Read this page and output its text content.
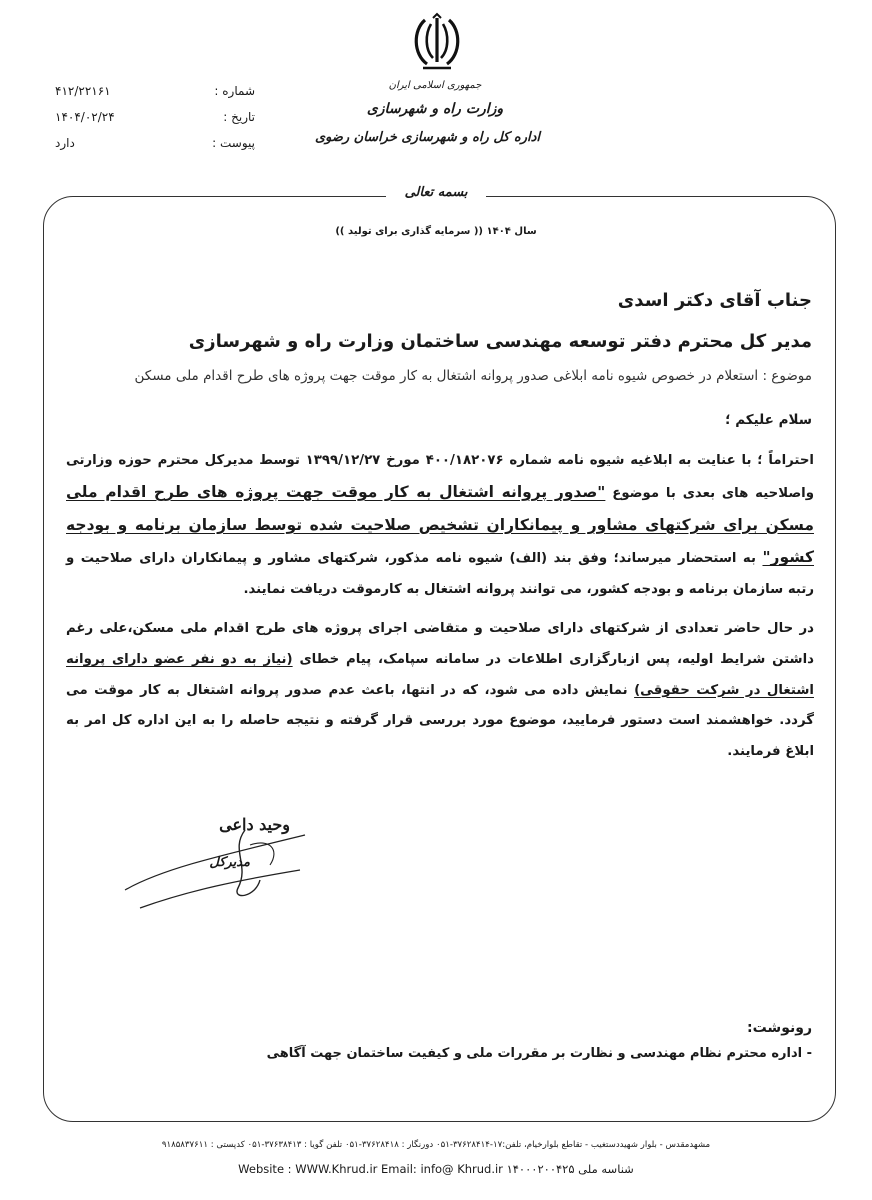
جمهوری اسلامی ایران
وزارت راه و شهرسازی
اداره کل راه و شهرسازی خراسان رضوی
شماره :
۴۱۲/۲۲۱۶۱
تاریخ :
۱۴۰۴/۰۲/۲۴
پیوست :
دارد
بسمه تعالی
سال ۱۴۰۴ (( سرمایه گذاری برای تولید ))
جناب آقای دکتر اسدی
مدیر کل محترم دفتر توسعه مهندسی ساختمان وزارت راه و شهرسازی
موضوع : استعلام در خصوص شیوه نامه ابلاغی صدور پروانه اشتغال به کار موقت جهت پروژه های طرح اقدام ملی مسکن
سلام علیکم ؛

احتراماً ؛ با عنایت به ابلاغیه شیوه نامه شماره ۴۰۰/۱۸۲۰۷۶ مورخ ۱۳۹۹/۱۲/۲۷ توسط مدیرکل محترم حوزه وزارتی واصلاحیه های بعدی با موضوع "صدور پروانه اشتغال به کار موقت جهت پروژه های طرح اقدام ملی مسکن برای شرکتهای مشاور و پیمانکاران تشخیص صلاحیت شده توسط سازمان برنامه و بودجه کشور" به استحضار میرساند؛ وفق بند (الف) شیوه نامه مذکور، شرکتهای مشاور و پیمانکاران دارای صلاحیت و رتبه سازمان برنامه و بودجه کشور، می توانند پروانه اشتغال به کارموقت دریافت نمایند.

در حال حاضر تعدادی از شرکتهای دارای صلاحیت و متقاضی اجرای پروژه های طرح اقدام ملی مسکن،علی رغم داشتن شرایط اولیه، پس ازبارگزاری اطلاعات در سامانه سپامک، پیام خطای (نیاز به دو نفر عضو دارای پروانه اشتغال در شرکت حقوقی) نمایش داده می شود، که در انتها، باعث عدم صدور پروانه اشتغال به کار موقت می گردد. خواهشمند است دستور فرمایید، موضوع مورد بررسی قرار گرفته و نتیجه حاصله را به این اداره کل امر به ابلاغ فرمایند.

وحید داعی
مدیرکل
رونوشت:
- اداره محترم نظام مهندسی و نظارت بر مقررات ملی و کیفیت ساختمان جهت آگاهی
مشهدمقدس - بلوار شهیددستغیب - تقاطع بلوارخیام، تلفن:۱۷-۳۷۶۲۸۴۱۴-۰۵۱ دورنگار : ۳۷۶۲۸۴۱۸-۰۵۱ تلفن گویا : ۳۷۶۳۸۴۱۳-۰۵۱ کدپستی : ۹۱۸۵۸۳۷۶۱۱
Website : WWW.Khrud.ir Email: info@ Khrud.ir شناسه ملی ۱۴۰۰۰۲۰۰۴۲۵
